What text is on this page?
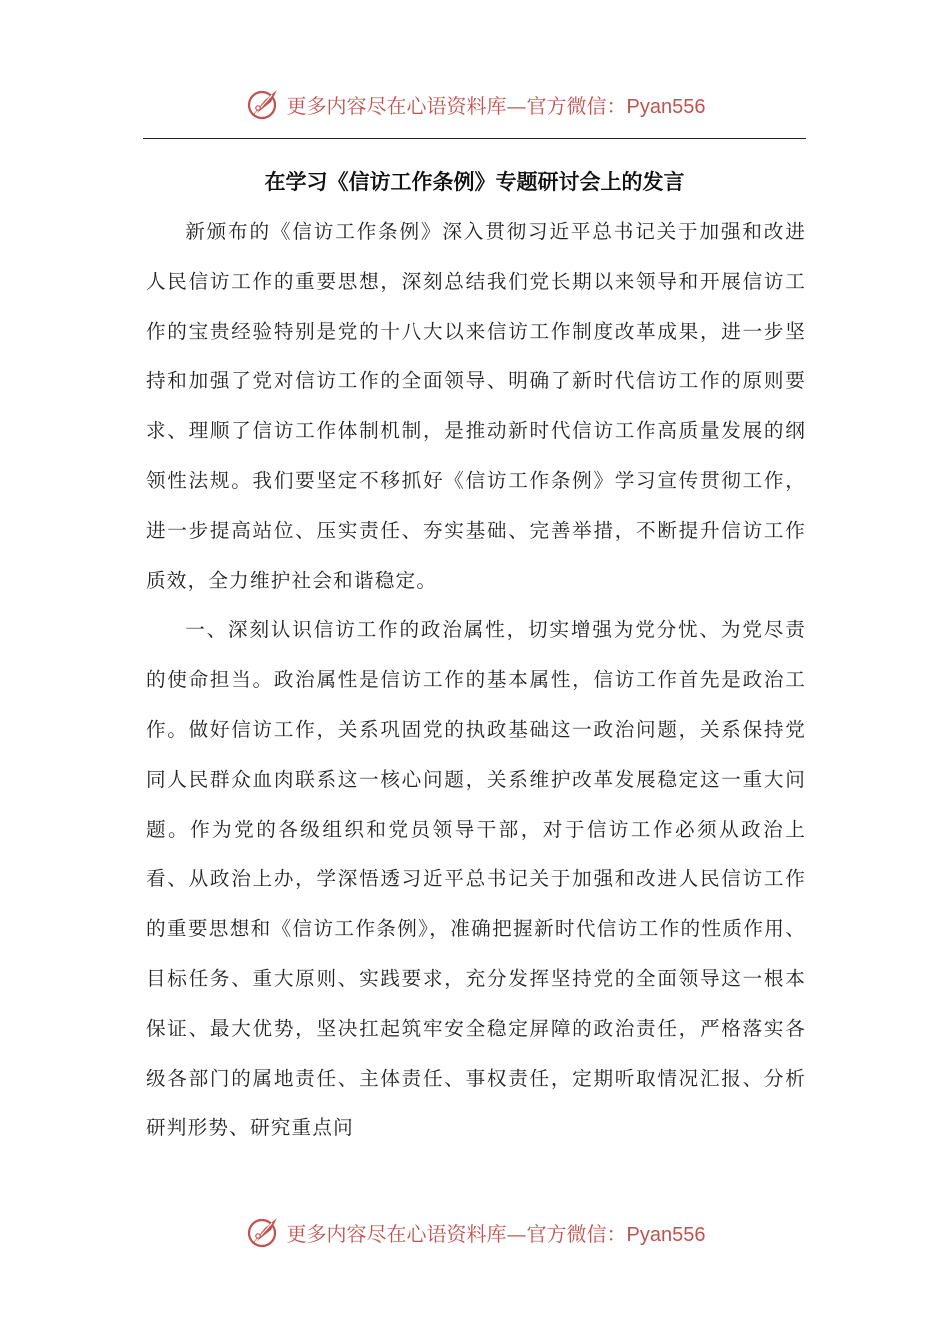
更多内容尽在心语资料库—官方微信：Pyan556
在学习《信访工作条例》专题研讨会上的发言

新颁布的《信访工作条例》深入贯彻习近平总书记关于加强和改进人民信访工作的重要思想，深刻总结我们党长期以来领导和开展信访工作的宝贵经验特别是党的十八大以来信访工作制度改革成果，进一步坚持和加强了党对信访工作的全面领导、明确了新时代信访工作的原则要求、理顺了信访工作体制机制，是推动新时代信访工作高质量发展的纲领性法规。我们要坚定不移抓好《信访工作条例》学习宣传贯彻工作，进一步提高站位、压实责任、夯实基础、完善举措，不断提升信访工作质效，全力维护社会和谐稳定。

一、深刻认识信访工作的政治属性，切实增强为党分忧、为党尽责的使命担当。政治属性是信访工作的基本属性，信访工作首先是政治工作。做好信访工作，关系巩固党的执政基础这一政治问题，关系保持党同人民群众血肉联系这一核心问题，关系维护改革发展稳定这一重大问题。作为党的各级组织和党员领导干部，对于信访工作必须从政治上看、从政治上办，学深悟透习近平总书记关于加强和改进人民信访工作的重要思想和《信访工作条例》，准确把握新时代信访工作的性质作用、目标任务、重大原则、实践要求，充分发挥坚持党的全面领导这一根本保证、最大优势，坚决扛起筑牢安全稳定屏障的政治责任，严格落实各级各部门的属地责任、主体责任、事权责任，定期听取情况汇报、分析研判形势、研究重点问

更多内容尽在心语资料库—官方微信：Pyan556
